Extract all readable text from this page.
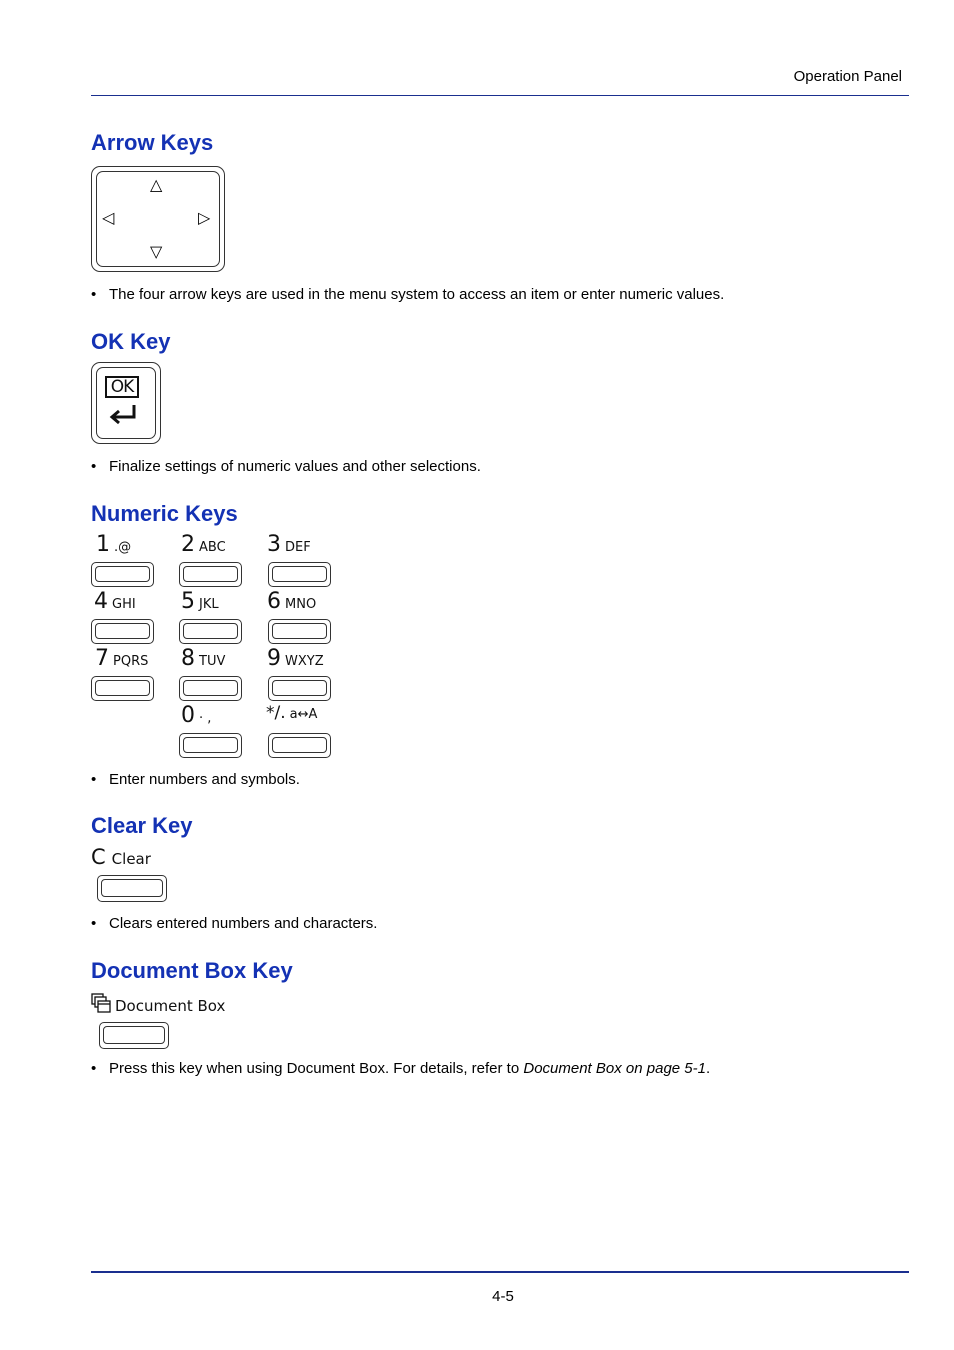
Operation Panel
Arrow Keys
△
◁	▷
▽
• The four arrow keys are used in the menu system to access an item or enter numeric values.
OK Key
OK
• Finalize settings of numeric values and other selections.
Numeric Keys
1 .@ 2 ABC 3 DEF
4 GHI 5 JKL 6 MNO
7 PQRS 8 TUV 9 WXYZ
0 · ,	*/. a↔A
• Enter numbers and symbols.
Clear Key
C Clear
• Clears entered numbers and characters.
Document Box Key
Document Box
• Press this key when using Document Box. For details, refer to Document Box on page 5-1.
4-5
